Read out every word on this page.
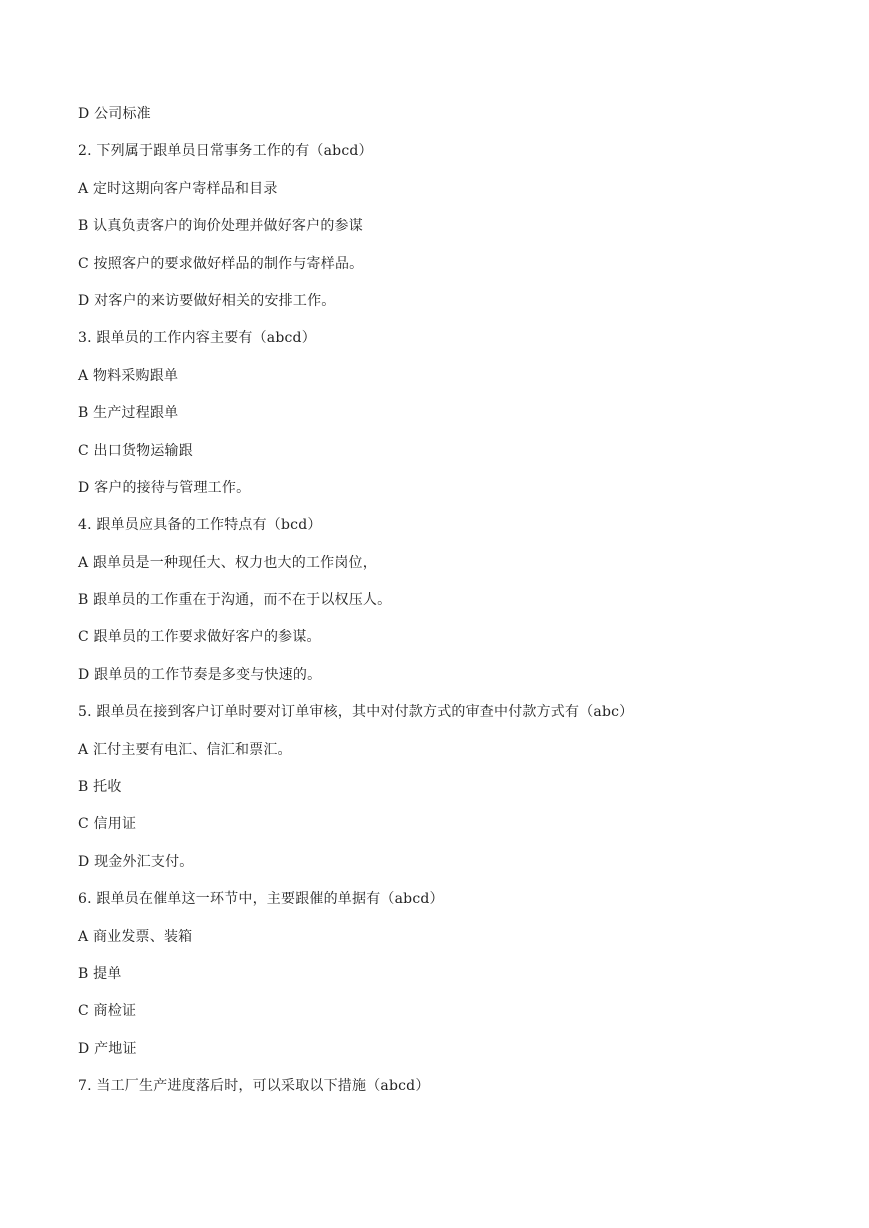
D 公司标准
2. 下列属于跟单员日常事务工作的有（abcd）
A 定时这期向客户寄样品和目录
B 认真负责客户的询价处理并做好客户的参谋
C 按照客户的要求做好样品的制作与寄样品。
D 对客户的来访要做好相关的安排工作。
3. 跟单员的工作内容主要有（abcd）
A 物料采购跟单
B 生产过程跟单
C 出口货物运输跟
D 客户的接待与管理工作。
4. 跟单员应具备的工作特点有（bcd）
A 跟单员是一种现任大、权力也大的工作岗位，
B 跟单员的工作重在于沟通，而不在于以权压人。
C 跟单员的工作要求做好客户的参谋。
D 跟单员的工作节奏是多变与快速的。
5. 跟单员在接到客户订单时要对订单审核，其中对付款方式的审查中付款方式有（abc）
A 汇付主要有电汇、信汇和票汇。
B 托收
C 信用证
D 现金外汇支付。
6. 跟单员在催单这一环节中，主要跟催的单据有（abcd）
A 商业发票、装箱
B 提单
C 商检证
D 产地证
7. 当工厂生产进度落后时，可以采取以下措施（abcd）
